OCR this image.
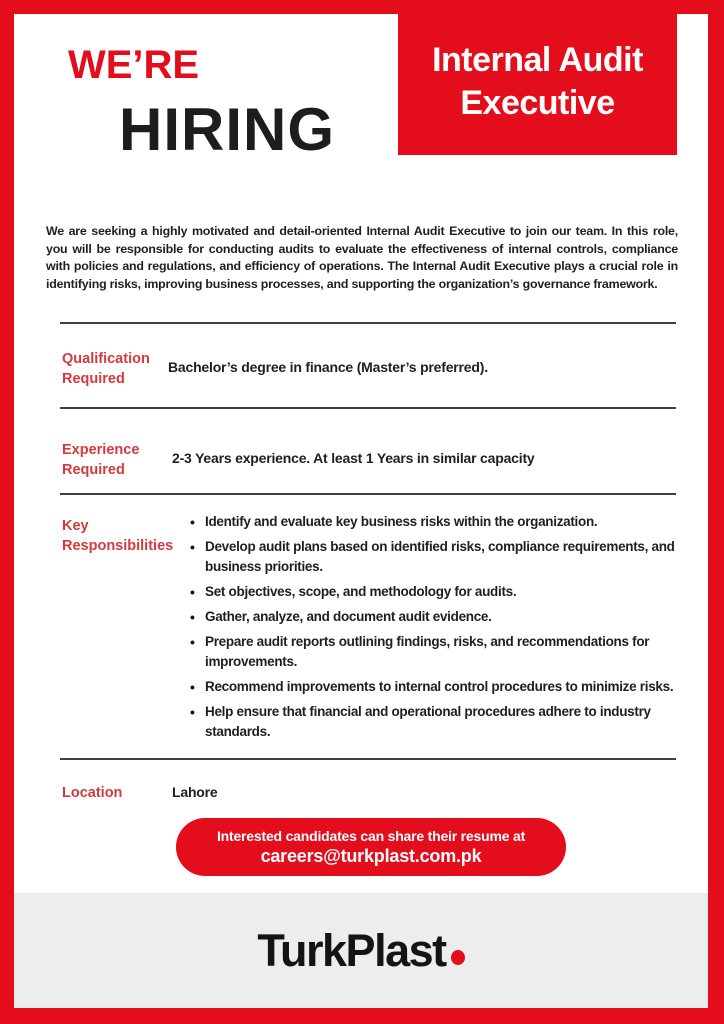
WE’RE
HIRING
Internal Audit
Executive

We are seeking a highly motivated and detail-oriented Internal Audit Executive to join our team. In this role, you will be responsible for conducting audits to evaluate the effectiveness of internal controls, compliance with policies and regulations, and efficiency of operations. The Internal Audit Executive plays a crucial role in identifying risks, improving business processes, and supporting the organization’s governance framework.

Qualification Required
Bachelor’s degree in finance (Master’s preferred).
Experience Required
2-3 Years experience. At least 1 Years in similar capacity
Key Responsibilities
• Identify and evaluate key business risks within the organization.
• Develop audit plans based on identified risks, compliance requirements, and business priorities.
• Set objectives, scope, and methodology for audits.
• Gather, analyze, and document audit evidence.
• Prepare audit reports outlining findings, risks, and recommendations for improvements.
• Recommend improvements to internal control procedures to minimize risks.
• Help ensure that financial and operational procedures adhere to industry standards.
Location	Lahore
Interested candidates can share their resume at
careers@turkplast.com.pk
TurkPlast
